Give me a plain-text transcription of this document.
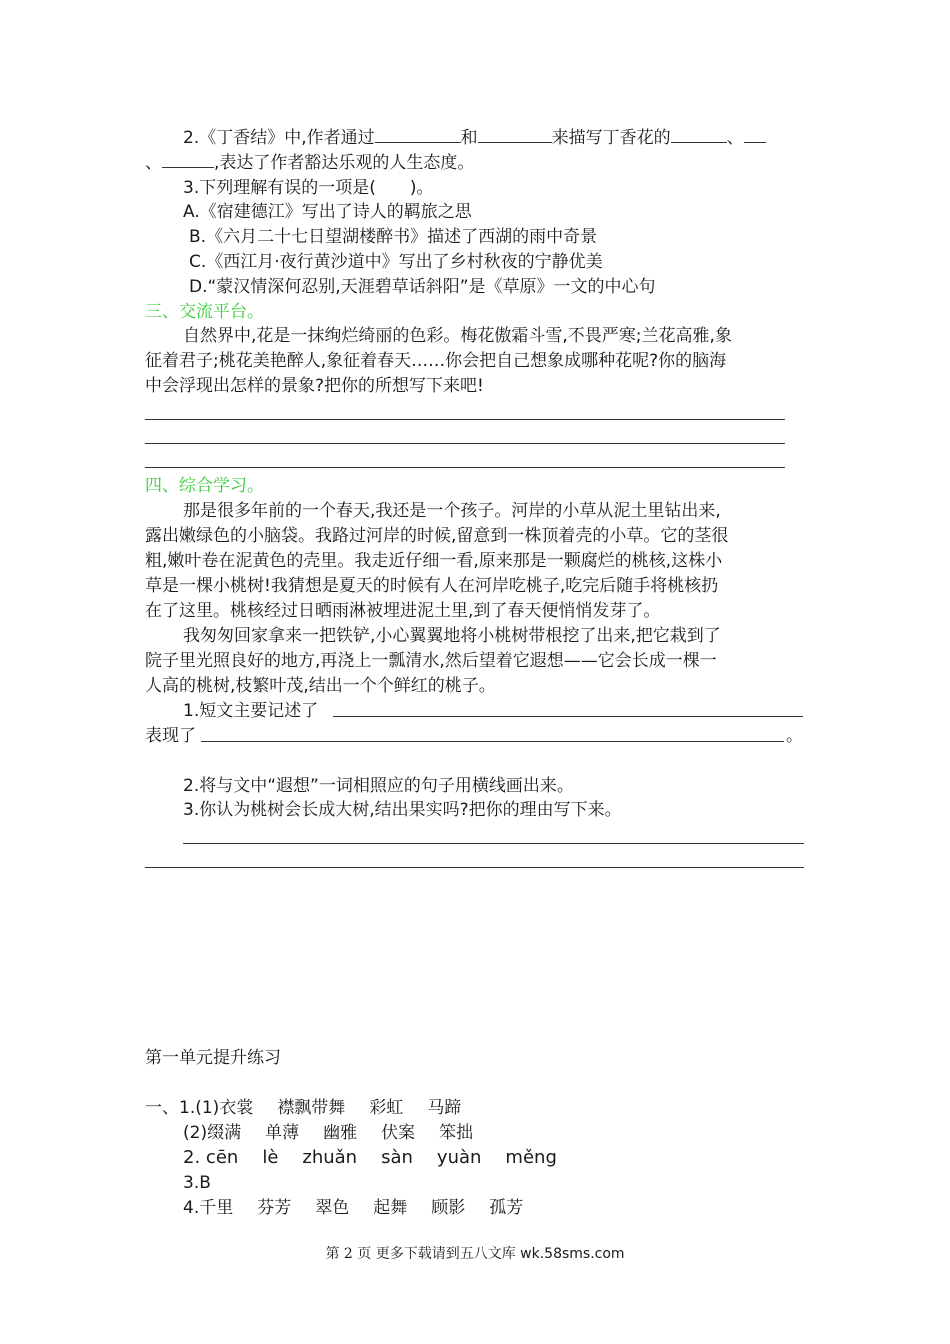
2.《丁香结》中,作者通过	和	来描写丁香花的	、
、	,表达了作者豁达乐观的人生态度。
3.下列理解有误的一项是(　　)。
A.《宿建德江》写出了诗人的羁旅之思
B.《六月二十七日望湖楼醉书》描述了西湖的雨中奇景
C.《西江月·夜行黄沙道中》写出了乡村秋夜的宁静优美
D.“蒙汉情深何忍别,天涯碧草话斜阳”是《草原》一文的中心句
三、交流平台。
自然界中,花是一抹绚烂绮丽的色彩。梅花傲霜斗雪,不畏严寒;兰花高雅,象
征着君子;桃花美艳醉人,象征着春天……你会把自己想象成哪种花呢?你的脑海
中会浮现出怎样的景象?把你的所想写下来吧!
四、综合学习。
那是很多年前的一个春天,我还是一个孩子。河岸的小草从泥土里钻出来,
露出嫩绿色的小脑袋。我路过河岸的时候,留意到一株顶着壳的小草。它的茎很
粗,嫩叶卷在泥黄色的壳里。我走近仔细一看,原来那是一颗腐烂的桃核,这株小
草是一棵小桃树!我猜想是夏天的时候有人在河岸吃桃子,吃完后随手将桃核扔
在了这里。桃核经过日晒雨淋被埋进泥土里,到了春天便悄悄发芽了。
我匆匆回家拿来一把铁铲,小心翼翼地将小桃树带根挖了出来,把它栽到了
院子里光照良好的地方,再浇上一瓢清水,然后望着它遐想——它会长成一棵一
人高的桃树,枝繁叶茂,结出一个个鲜红的桃子。
1.短文主要记述了
表现了	。
2.将与文中“遐想”一词相照应的句子用横线画出来。
3.你认为桃树会长成大树,结出果实吗?把你的理由写下来。
第一单元提升练习
一、1.(1)衣裳 襟飘带舞 彩虹 马蹄
(2)缀满 单薄 幽雅 伏案 笨拙
2. cēn lè zhuǎn sàn yuàn měng
3.B
4.千里 芬芳 翠色 起舞 顾影 孤芳
第 2 页 更多下载请到五八文库 wk.58sms.com
